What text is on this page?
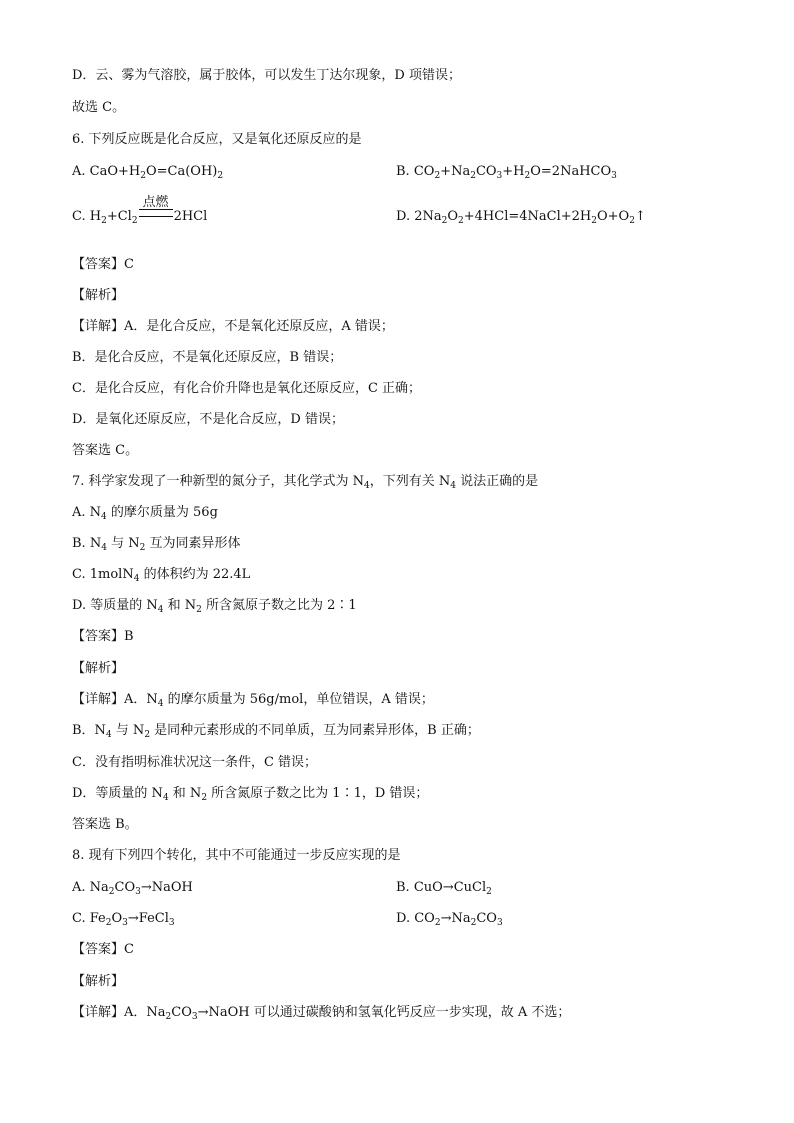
D．云、雾为气溶胶，属于胶体，可以发生丁达尔现象，D 项错误；
故选 C。
6. 下列反应既是化合反应，又是氧化还原反应的是
A. $CaO+H_2O=Ca(OH)_2$	B. $CO_2+Na_2CO_3+H_2O=2NaHCO_3$
C. $H_2+Cl_2$
点燃
2HCl	D. $2Na_2O_2+4HCl=4NaCl+2H_2O+O_2↑$
【答案】C
【解析】
【详解】A．是化合反应，不是氧化还原反应，A 错误；
B．是化合反应，不是氧化还原反应，B 错误；
C．是化合反应，有化合价升降也是氧化还原反应，C 正确；
D．是氧化还原反应，不是化合反应，D 错误；
答案选 C。
7. 科学家发现了一种新型的氮分子，其化学式为 $N_4$，下列有关 $N_4$ 说法正确的是
A. $N_4$ 的摩尔质量为 56g
B. $N_4$ 与 $N_2$ 互为同素异形体
C. 1molN$_4$ 的体积约为 22.4L
D. 等质量的 $N_4$ 和 $N_2$ 所含氮原子数之比为 2∶1
【答案】B
【解析】
【详解】A．$N_4$ 的摩尔质量为 56g/mol，单位错误，A 错误；
B．$N_4$ 与 $N_2$ 是同种元素形成的不同单质，互为同素异形体，B 正确；
C．没有指明标准状况这一条件，C 错误；
D．等质量的 $N_4$ 和 $N_2$ 所含氮原子数之比为 1∶1，D 错误；
答案选 B。
8. 现有下列四个转化，其中不可能通过一步反应实现的是
A. $Na_2CO_3\to NaOH$	B. CuO→CuCl$_2$
C. $Fe_2O_3\to FeCl_3$	D. $CO_2\to Na_2CO_3$
【答案】C
【解析】
【详解】A．$Na_2CO_3\to NaOH$ 可以通过碳酸钠和氢氧化钙反应一步实现，故 A 不选；
